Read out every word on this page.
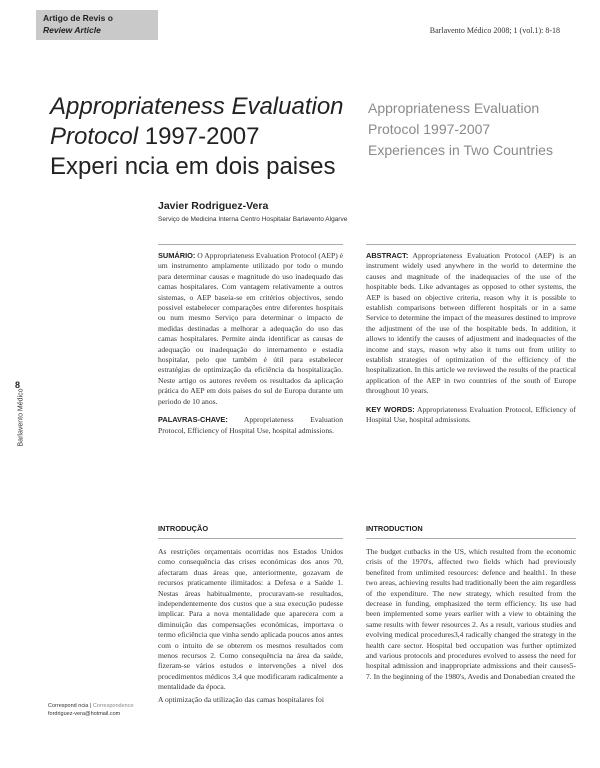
Artigo de Revis o
Review Article	Barlavento Médico 2008; 1 (vol.1): 8-18
Appropriateness Evaluation Protocol 1997-2007
Experi ncia em dois paises
Appropriateness Evaluation
Protocol 1997-2007
Experiences in Two Countries
Javier Rodriguez-Vera
Serviço de Medicina Interna Centro Hospitalar Barlavento Algarve
8
Barlavento Médico
SUMÁRIO: O Appropriateness Evaluation Protocol (AEP) é um instrumento amplamente utilizado por todo o mundo para determinar causas e magnitude do uso inadequado das camas hospitalares. Com vantagem relativamente a outros sistemas, o AEP baseia-se em critérios objectivos, sendo possivel estabelecer comparações entre diferentes hospitais ou num mesmo Serviço para determinar o impacto de medidas destinadas a melhorar a adequação do uso das camas hospitalares. Permite ainda identificar as causas de adequação ou inadequação do internamento e estadia hospitalar, pelo que também é útil para estabelecer estratégias de optimização da eficiência da hospitalização. Neste artigo os autores revêem os resultados da aplicação prática do AEP em dois paises do sul de Europa durante um periodo de 10 anos.
PALAVRAS-CHAVE: Appropriateness Evaluation Protocol, Efficiency of Hospital Use, hospital admissions.
ABSTRACT: Appropriateness Evaluation Protocol (AEP) is an instrument widely used anywhere in the world to determine the causes and magnitude of the inadequacies of the use of the hospitable beds. Like advantages as opposed to other systems, the AEP is based on objective criteria, reason why it is possible to establish comparisons between different hospitals or in a same Service to determine the impact of the measures destined to improve the adjustment of the use of the hospitable beds. In addition, it allows to identify the causes of adjustment and inadequacies of the income and stays, reason why also it turns out from utility to establish strategies of optimization of the efficiency of the hospitalization. In this article we reviewed the results of the practical application of the AEP in two countries of the south of Europe throughout 10 years.
KEY WORDS: Appropriateness Evaluation Protocol, Efficiency of Hospital Use, hospital admissions.
INTRODUÇÃO	INTRODUCTION
As restrições orçamentais ocorridas nos Estados Unidos como consequência das crises económicas dos anos 70, afectaram duas áreas que, anteriormente, gozavam de recursos praticamente ilimitados: a Defesa e a Saúde 1. Nestas áreas habitualmente, procuravam-se resultados, independentemente dos custos que a sua execução pudesse implicar. Para a nova mentalidade que aparecera com a diminuição das compensações económicas, importava o termo eficiência que vinha sendo aplicada poucos anos antes com o intuito de se obterem os mesmos resultados com menos recursos 2. Como consequência na área da saúde, fizeram-se vários estudos e intervenções a nivel dos procedimentos médicos 3,4 que modificaram radicalmente a mentalidade da época.
A optimização da utilização das camas hospitalares foi
The budget cutbacks in the US, which resulted from the economic crisis of the 1970's, affected two fields which had previously benefited from unlimited resources: defence and health1. In these two areas, achieving results had traditionally been the aim regardless of the expenditure. The new strategy, which resulted from the decrease in funding, emphasized the term efficiency. Its use had been implemented some years earlier with a view to obtaining the same results with fewer resources 2. As a result, various studies and evolving medical procedures3,4 radically changed the strategy in the health care sector. Hospital bed occupation was further optimized and various protocols and procedures evolved to assess the need for hospital admission and inappropriate admissions and their causes5-7. In the beginning of the 1980's, Avedis and Donabedian created the
Correspond ncia | Correspondence
fordriguez-vera@hotmail.com
